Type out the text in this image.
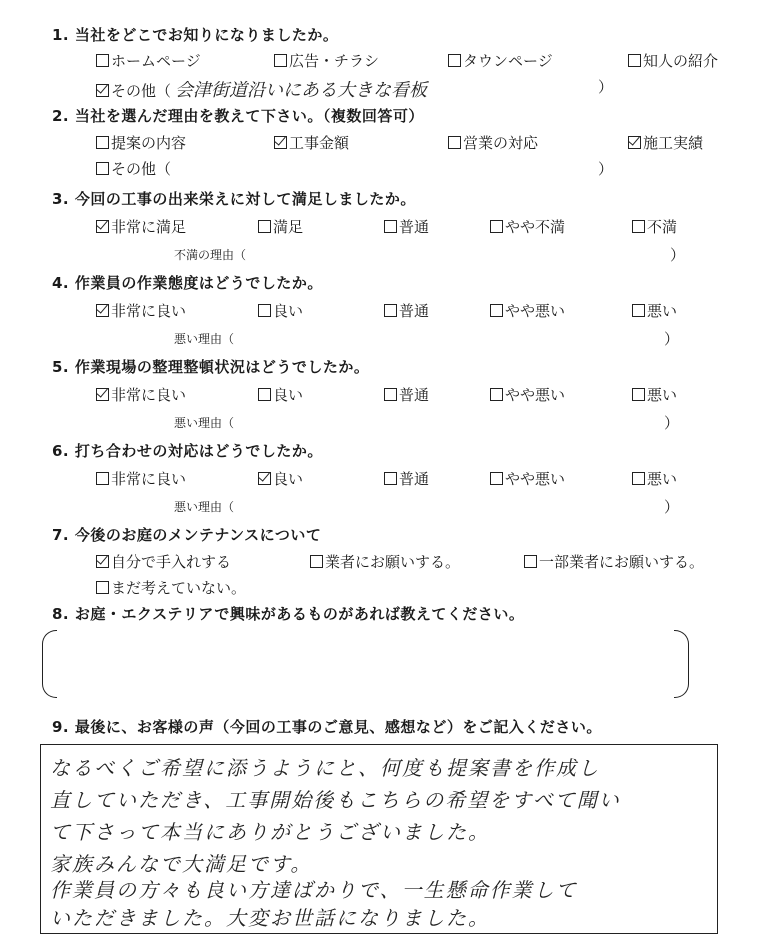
1. 当社をどこでお知りになりましたか。
ホームページ	広告・チラシ	タウンページ	知人の紹介
その他（ 会津街道沿いにある大きな看板	）
2. 当社を選んだ理由を教えて下さい。（複数回答可）
提案の内容	工事金額	営業の対応	施工実績
その他（	）
3. 今回の工事の出来栄えに対して満足しましたか。
非常に満足	満足	普通	やや不満	不満
不満の理由（	）
4. 作業員の作業態度はどうでしたか。
非常に良い	良い	普通	やや悪い	悪い
悪い理由（	）
5. 作業現場の整理整頓状況はどうでしたか。
非常に良い	良い	普通	やや悪い	悪い
悪い理由（	）
6. 打ち合わせの対応はどうでしたか。
非常に良い	良い	普通	やや悪い	悪い
悪い理由（	）
7. 今後のお庭のメンテナンスについて
自分で手入れする	業者にお願いする。	一部業者にお願いする。
まだ考えていない。
8. お庭・エクステリアで興味があるものがあれば教えてください。
9. 最後に、お客様の声（今回の工事のご意見、感想など）をご記入ください。
なるべくご希望に添うようにと、何度も提案書を作成し
直していただき、工事開始後もこちらの希望をすべて聞い
て下さって本当にありがとうございました。
家族みんなで大満足です。
作業員の方々も良い方達ばかりで、一生懸命作業して
いただきました。大変お世話になりました。
